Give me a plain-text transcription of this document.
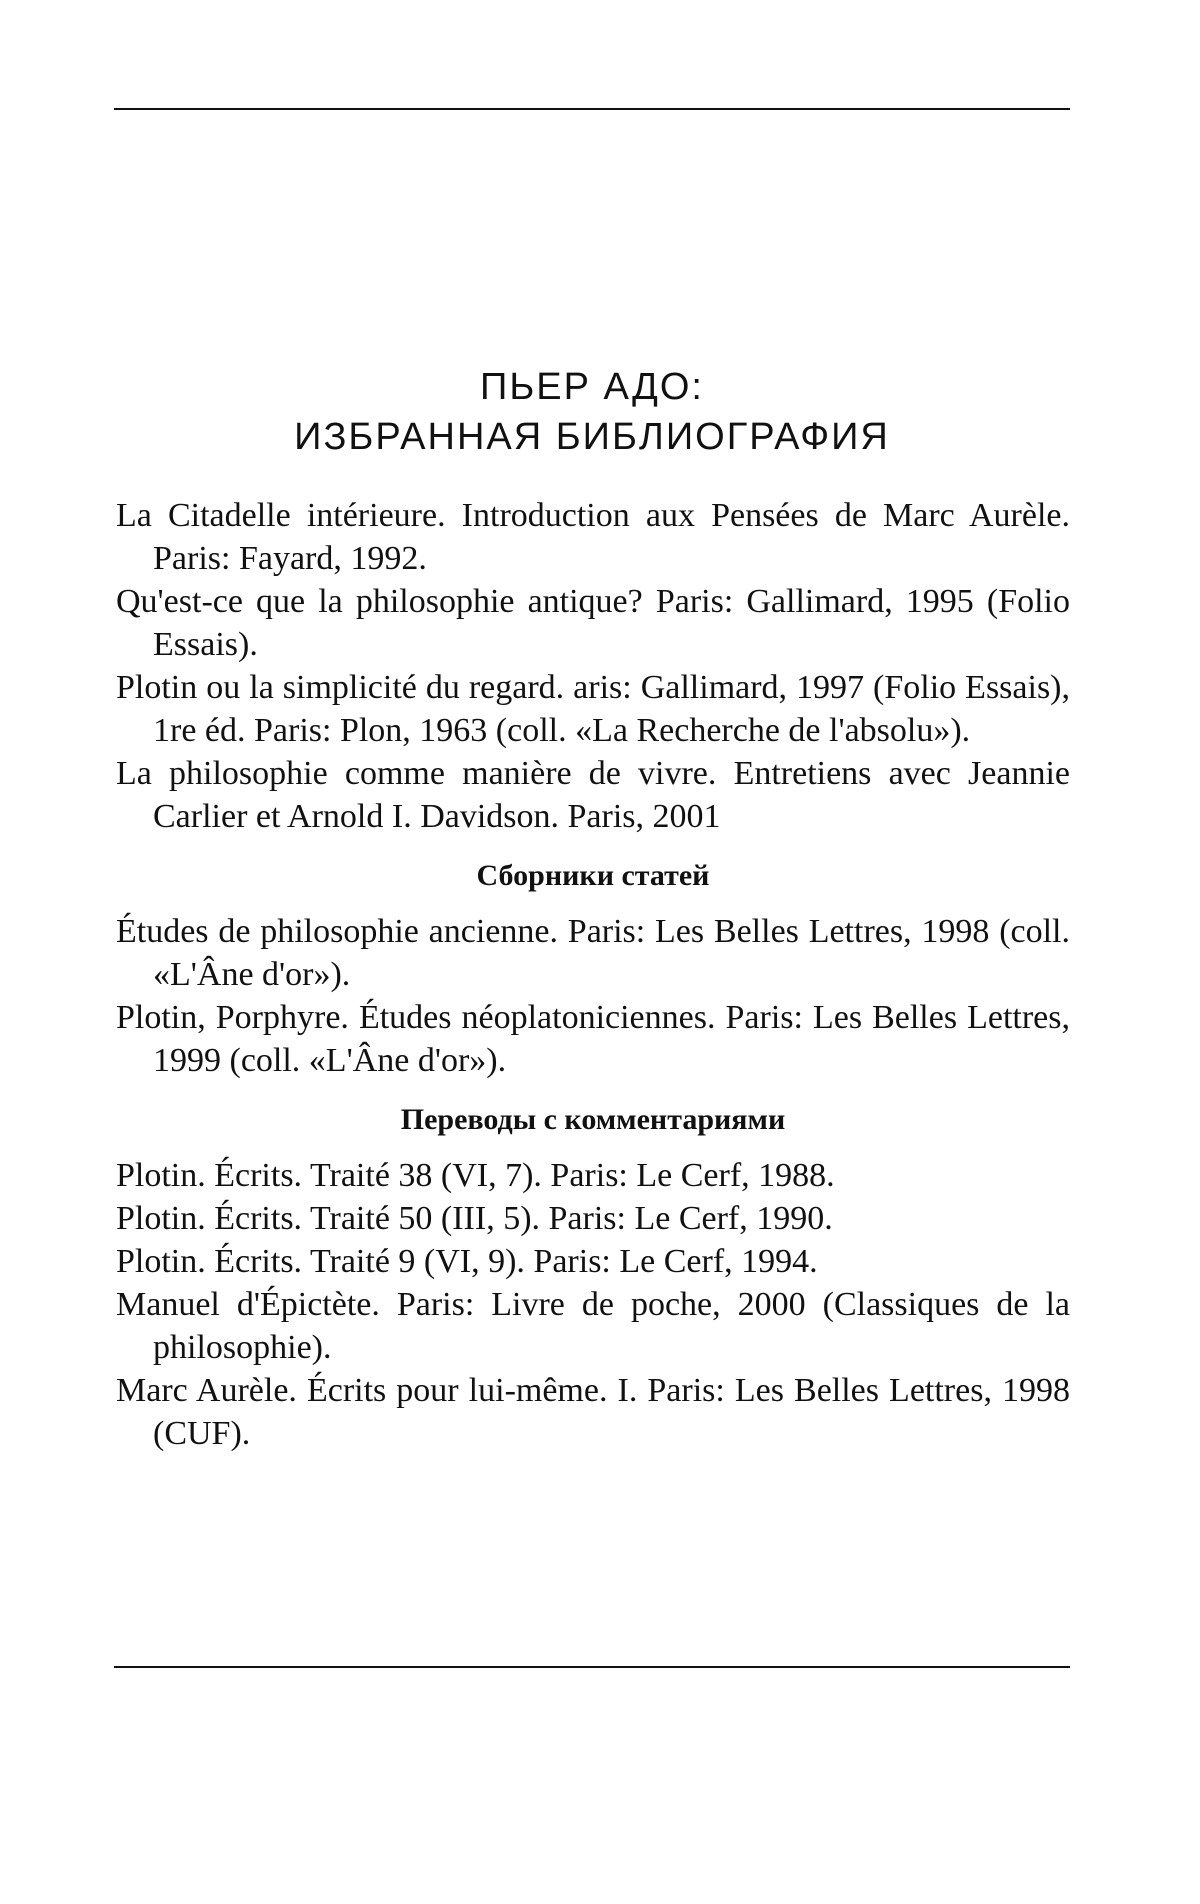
ПЬЕР АДО:
ИЗБРАННАЯ БИБЛИОГРАФИЯ

La Citadelle intérieure. Introduction aux Pensées de Marc Aurèle. Paris: Fayard, 1992.

Qu'est-ce que la philosophie antique? Paris: Gallimard, 1995 (Folio Essais).

Plotin ou la simplicité du regard. aris: Gallimard, 1997 (Folio Essais), 1re éd. Paris: Plon, 1963 (coll. «La Recherche de l'absolu»).

La philosophie comme manière de vivre. Entretiens avec Jeannie Carlier et Arnold I. Davidson. Paris, 2001

Сборники статей

Études de philosophie ancienne. Paris: Les Belles Lettres, 1998 (coll. «L'Âne d'or»).

Plotin, Porphyre. Études néoplatoniciennes. Paris: Les Belles Lettres, 1999 (coll. «L'Âne d'or»).

Переводы с комментариями

Plotin. Écrits. Traité 38 (VI, 7). Paris: Le Cerf, 1988.

Plotin. Écrits. Traité 50 (III, 5). Paris: Le Cerf, 1990.

Plotin. Écrits. Traité 9 (VI, 9). Paris: Le Cerf, 1994.

Manuel d'Épictète. Paris: Livre de poche, 2000 (Classiques de la philosophie).

Marc Aurèle. Écrits pour lui-même. I. Paris: Les Belles Lettres, 1998 (CUF).
